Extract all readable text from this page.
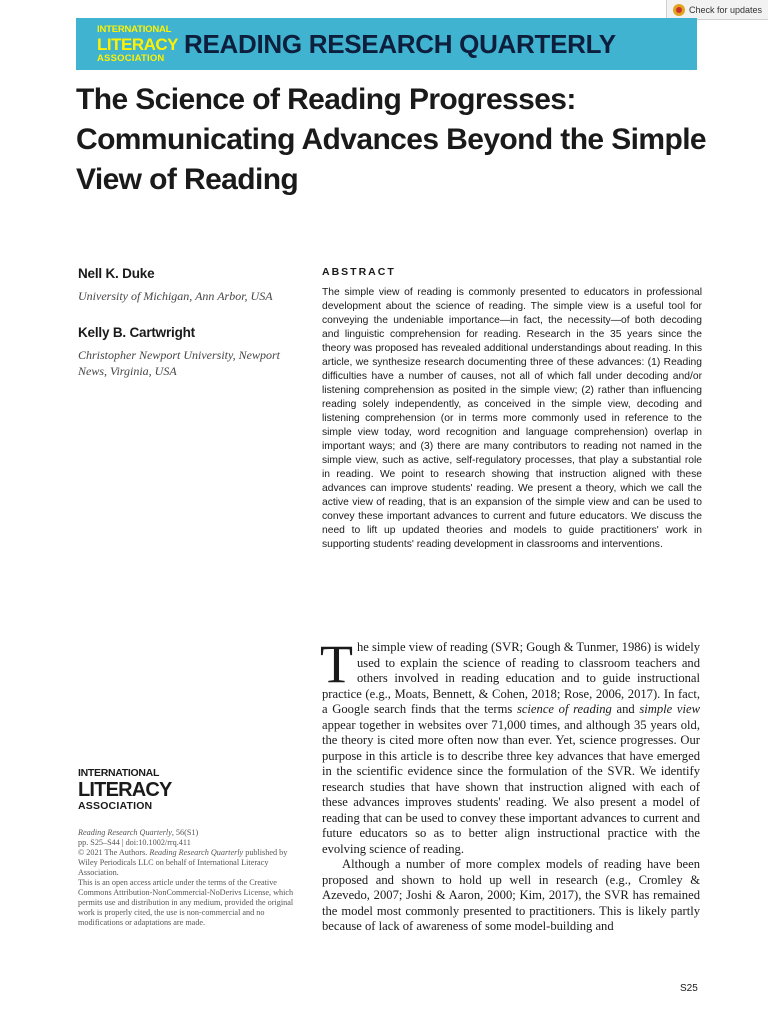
Check for updates
INTERNATIONAL
LITERACY
ASSOCIATION READING RESEARCH QUARTERLY
The Science of Reading Progresses: Communicating Advances Beyond the Simple View of Reading
Nell K. Duke
University of Michigan, Ann Arbor, USA
Kelly B. Cartwright
Christopher Newport University, Newport News, Virginia, USA
ABSTRACT
The simple view of reading is commonly presented to educators in professional development about the science of reading. The simple view is a useful tool for conveying the undeniable importance—in fact, the necessity—of both decoding and linguistic comprehension for reading. Research in the 35 years since the theory was proposed has revealed additional understandings about reading. In this article, we synthesize research documenting three of these advances: (1) Reading difficulties have a number of causes, not all of which fall under decoding and/or listening comprehension as posited in the simple view; (2) rather than influencing reading solely independently, as conceived in the simple view, decoding and listening comprehension (or in terms more commonly used in reference to the simple view today, word recognition and language comprehension) overlap in important ways; and (3) there are many contributors to reading not named in the simple view, such as active, self-regulatory processes, that play a substantial role in reading. We point to research showing that instruction aligned with these advances can improve students' reading. We present a theory, which we call the active view of reading, that is an expansion of the simple view and can be used to convey these important advances to current and future educators. We discuss the need to lift up updated theories and models to guide practitioners' work in supporting students' reading development in classrooms and interventions.
INTERNATIONAL
LITERACY
ASSOCIATION
Reading Research Quarterly, 56(S1)
pp. S25–S44 | doi:10.1002/rrq.411
© 2021 The Authors. Reading Research Quarterly published by Wiley Periodicals LLC on behalf of International Literacy Association.
This is an open access article under the terms of the Creative Commons Attribution-NonCommercial-NoDerivs License, which permits use and distribution in any medium, provided the original work is properly cited, the use is non-commercial and no modifications or adaptations are made.

The simple view of reading (SVR; Gough & Tunmer, 1986) is widely used to explain the science of reading to classroom teachers and others involved in reading education and to guide instructional practice (e.g., Moats, Bennett, & Cohen, 2018; Rose, 2006, 2017). In fact, a Google search finds that the terms science of reading and simple view appear together in websites over 71,000 times, and although 35 years old, the theory is cited more often now than ever. Yet, science progresses. Our purpose in this article is to describe three key advances that have emerged in the scientific evidence since the formulation of the SVR. We identify research studies that have shown that instruction aligned with each of these advances improves students' reading. We also present a model of reading that can be used to convey these important advances to current and future educators so as to better align instructional practice with the evolving science of reading.

Although a number of more complex models of reading have been proposed and shown to hold up well in research (e.g., Cromley & Azevedo, 2007; Joshi & Aaron, 2000; Kim, 2017), the SVR has remained the model most commonly presented to practitioners. This is likely partly because of lack of awareness of some model-building and

S25
